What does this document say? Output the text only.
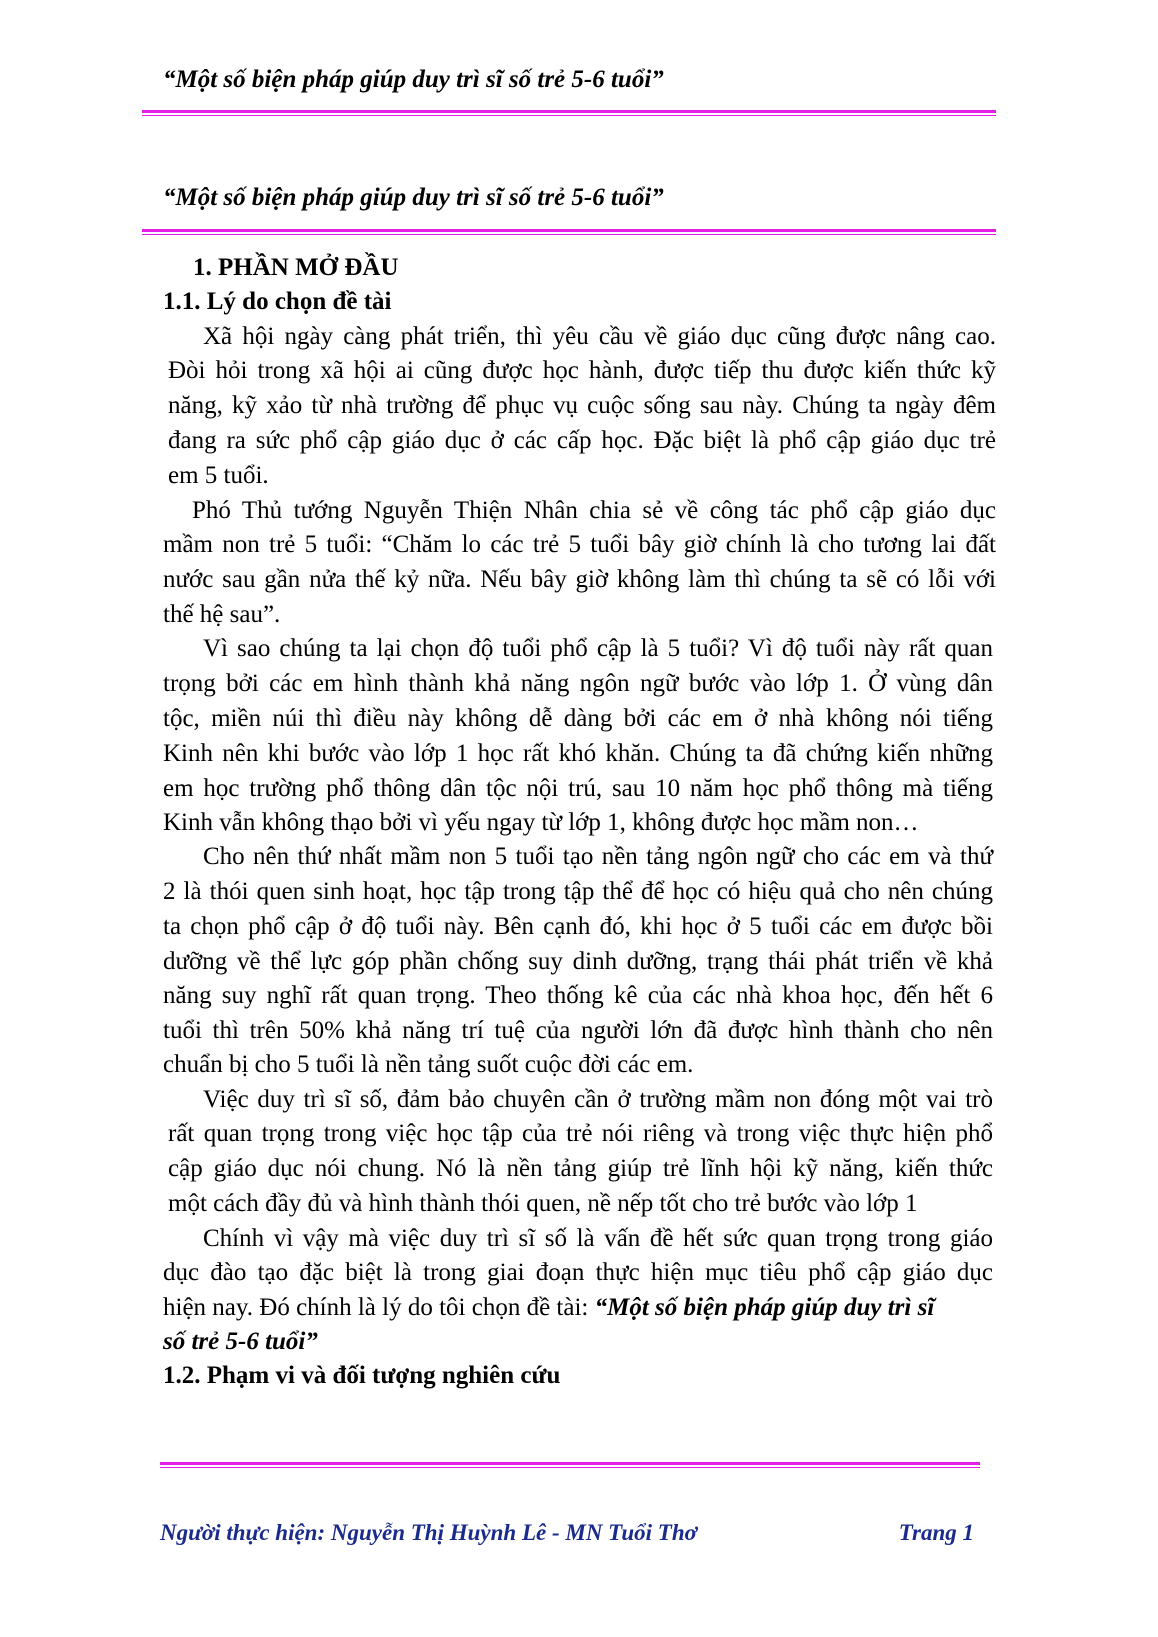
“Một số biện pháp giúp duy trì sĩ số trẻ 5-6 tuổi”
“Một số biện pháp giúp duy trì sĩ số trẻ 5-6 tuổi”
1. PHẦN MỞ ĐẦU
1.1. Lý do chọn đề tài
Xã hội ngày càng phát triển, thì yêu cầu về giáo dục cũng được nâng cao.
Đòi hỏi trong xã hội ai cũng được học hành, được tiếp thu được kiến thức kỹ
năng, kỹ xảo từ nhà trường để phục vụ cuộc sống sau này. Chúng ta ngày đêm
đang ra sức phổ cập giáo dục ở các cấp học. Đặc biệt là phổ cập giáo dục trẻ
em 5 tuổi.
Phó Thủ tướng Nguyễn Thiện Nhân chia sẻ về công tác phổ cập giáo dục
mầm non trẻ 5 tuổi: “Chăm lo các trẻ 5 tuổi bây giờ chính là cho tương lai đất
nước sau gần nửa thế kỷ nữa. Nếu bây giờ không làm thì chúng ta sẽ có lỗi với
thế hệ sau”.
Vì sao chúng ta lại chọn độ tuổi phổ cập là 5 tuổi? Vì độ tuổi này rất quan
trọng bởi các em hình thành khả năng ngôn ngữ bước vào lớp 1. Ở vùng dân
tộc, miền núi thì điều này không dễ dàng bởi các em ở nhà không nói tiếng
Kinh nên khi bước vào lớp 1 học rất khó khăn. Chúng ta đã chứng kiến những
em học trường phổ thông dân tộc nội trú, sau 10 năm học phổ thông mà tiếng
Kinh vẫn không thạo bởi vì yếu ngay từ lớp 1, không được học mầm non…
Cho nên thứ nhất mầm non 5 tuổi tạo nền tảng ngôn ngữ cho các em và thứ
2 là thói quen sinh hoạt, học tập trong tập thể để học có hiệu quả cho nên chúng
ta chọn phổ cập ở độ tuổi này. Bên cạnh đó, khi học ở 5 tuổi các em được bồi
dưỡng về thể lực góp phần chống suy dinh dưỡng, trạng thái phát triển về khả
năng suy nghĩ rất quan trọng. Theo thống kê của các nhà khoa học, đến hết 6
tuổi thì trên 50% khả năng trí tuệ của người lớn đã được hình thành cho nên
chuẩn bị cho 5 tuổi là nền tảng suốt cuộc đời các em.
Việc duy trì sĩ số, đảm bảo chuyên cần ở trường mầm non đóng một vai trò
rất quan trọng trong việc học tập của trẻ nói riêng và trong việc thực hiện phổ
cập giáo dục nói chung. Nó là nền tảng giúp trẻ lĩnh hội kỹ năng, kiến thức
một cách đầy đủ và hình thành thói quen, nề nếp tốt cho trẻ bước vào lớp 1
Chính vì vậy mà việc duy trì sĩ số là vấn đề hết sức quan trọng trong giáo
dục đào tạo đặc biệt là trong giai đoạn thực hiện mục tiêu phổ cập giáo dục
hiện nay. Đó chính là lý do tôi chọn đề tài: “Một số biện pháp giúp duy trì sĩ
số trẻ 5-6 tuổi”
1.2. Phạm vi và đối tượng nghiên cứu
Người thực hiện: Nguyễn Thị Huỳnh Lê - MN Tuổi Thơ	Trang 1
